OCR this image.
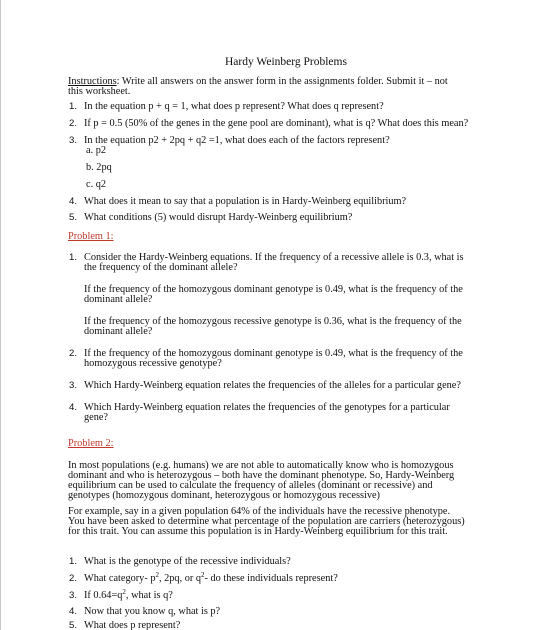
Hardy Weinberg Problems
Instructions: Write all answers on the answer form in the assignments folder. Submit it – not
this worksheet.
1. In the equation p + q = 1, what does p represent? What does q represent?
2. If p = 0.5 (50% of the genes in the gene pool are dominant), what is q? What does this mean?
3. In the equation p2 + 2pq + q2 =1, what does each of the factors represent?
a. p2
b. 2pq
c. q2
4. What does it mean to say that a population is in Hardy-Weinberg equilibrium?
5. What conditions (5) would disrupt Hardy-Weinberg equilibrium?
Problem 1:
1. Consider the Hardy-Weinberg equations. If the frequency of a recessive allele is 0.3, what is
the frequency of the dominant allele?
If the frequency of the homozygous dominant genotype is 0.49, what is the frequency of the
dominant allele?
If the frequency of the homozygous recessive genotype is 0.36, what is the frequency of the
dominant allele?
2. If the frequency of the homozygous dominant genotype is 0.49, what is the frequency of the
homozygous recessive genotype?
3. Which Hardy-Weinberg equation relates the frequencies of the alleles for a particular gene?
4. Which Hardy-Weinberg equation relates the frequencies of the genotypes for a particular
gene?
Problem 2:
In most populations (e.g. humans) we are not able to automatically know who is homozygous
dominant and who is heterozygous – both have the dominant phenotype. So, Hardy-Weinberg
equilibrium can be used to calculate the frequency of alleles (dominant or recessive) and
genotypes (homozygous dominant, heterozygous or homozygous recessive)
For example, say in a given population 64% of the individuals have the recessive phenotype.
You have been asked to determine what percentage of the population are carriers (heterozygous)
for this trait. You can assume this population is in Hardy-Weinberg equilibrium for this trait.
1. What is the genotype of the recessive individuals?
2. What category- $p^2$, 2pq, or $q^2-$ do these individuals represent?
3. If $0.64=q^2$, what is q?
4. Now that you know q, what is p?
5. What does p represent?
